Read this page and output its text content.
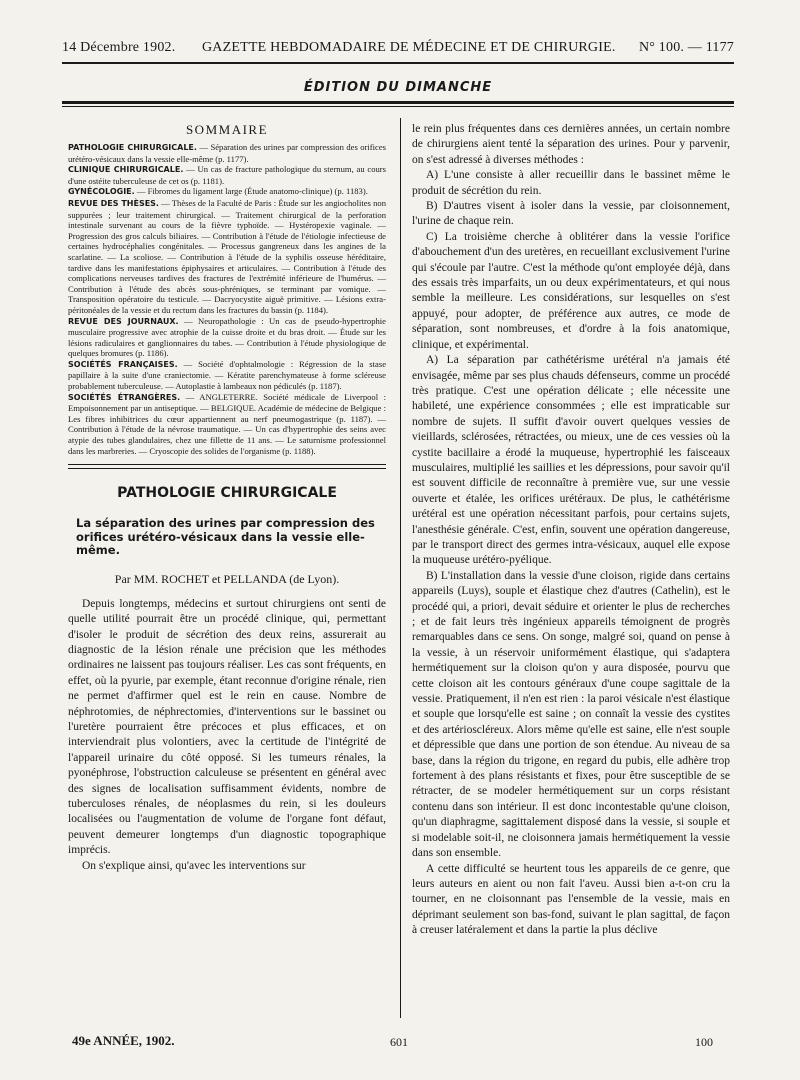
14 Décembre 1902. GAZETTE HEBDOMADAIRE DE MÉDECINE ET DE CHIRURGIE. N° 100. — 1177
ÉDITION DU DIMANCHE
SOMMAIRE

PATHOLOGIE CHIRURGICALE. — Séparation des urines par compression des orifices urétéro-vésicaux dans la vessie elle-même (p. 1177).

CLINIQUE CHIRURGICALE. — Un cas de fracture pathologique du sternum, au cours d'une ostéite tuberculeuse de cet os (p. 1181).

GYNÉCOLOGIE. — Fibromes du ligament large (Étude anatomo-clinique) (p. 1183).

REVUE DES THÈSES. — Thèses de la Faculté de Paris : Étude sur les angiocholites non suppurées ; leur traitement chirurgical. — Traitement chirurgical de la perforation intestinale survenant au cours de la fièvre typhoïde. — Hystéropexie vaginale. — Progression des gros calculs biliaires. — Contribution à l'étude de l'étiologie infectieuse de certaines hydrocéphalies congénitales. — Processus gangreneux dans les angines de la scarlatine. — La scoliose. — Contribution à l'étude de la syphilis osseuse héréditaire, tardive dans les manifestations épiphysaires et articulaires. — Contribution à l'étude des complications nerveuses tardives des fractures de l'extrémité inférieure de l'humérus. — Contribution à l'étude des abcès sous-phréniques, se terminant par vomique. — Transposition opératoire du testicule. — Dacryocystite aiguë primitive. — Lésions extra-péritonéales de la vessie et du rectum dans les fractures du bassin (p. 1184).

REVUE DES JOURNAUX. — Neuropathologie : Un cas de pseudo-hypertrophie musculaire progressive avec atrophie de la cuisse droite et du bras droit. — Étude sur les lésions radiculaires et ganglionnaires du tabes. — Contribution à l'étude physiologique de quelques bromures (p. 1186).

SOCIÉTÉS FRANÇAISES. — Société d'ophtalmologie : Régression de la stase papillaire à la suite d'une craniectomie. — Kératite parenchymateuse à forme scléreuse probablement tuberculeuse. — Autoplastie à lambeaux non pédiculés (p. 1187).

SOCIÉTÉS ÉTRANGÈRES. — ANGLETERRE. Société médicale de Liverpool : Empoisonnement par un antiseptique. — BELGIQUE. Académie de médecine de Belgique : Les fibres inhibitrices du cœur appartiennent au nerf pneumogastrique (p. 1187). — Contribution à l'étude de la névrose traumatique. — Un cas d'hypertrophie des seins avec atypie des tubes glandulaires, chez une fillette de 11 ans. — Le saturnisme professionnel dans les marbreries. — Cryoscopie des solides de l'organisme (p. 1188).

PATHOLOGIE CHIRURGICALE
La séparation des urines par compression des orifices urétéro-vésicaux dans la vessie elle-même.
Par MM. ROCHET et PELLANDA (de Lyon).

Depuis longtemps, médecins et surtout chirurgiens ont senti de quelle utilité pourrait être un procédé clinique, qui, permettant d'isoler le produit de sécrétion des deux reins, assurerait au diagnostic de la lésion rénale une précision que les méthodes ordinaires ne laissent pas toujours réaliser. Les cas sont fréquents, en effet, où la pyurie, par exemple, étant reconnue d'origine rénale, rien ne permet d'affirmer quel est le rein en cause. Nombre de néphrotomies, de néphrectomies, d'interventions sur le bassinet ou l'uretère pourraient être précoces et plus efficaces, et on interviendrait plus volontiers, avec la certitude de l'intégrité de l'appareil urinaire du côté opposé. Si les tumeurs rénales, la pyonéphrose, l'obstruction calculeuse se présentent en général avec des signes de localisation suffisamment évidents, nombre de tuberculoses rénales, de néoplasmes du rein, si les douleurs localisées ou l'augmentation de volume de l'organe font défaut, peuvent demeurer longtemps d'un diagnostic topographique imprécis.

On s'explique ainsi, qu'avec les interventions sur

le rein plus fréquentes dans ces dernières années, un certain nombre de chirurgiens aient tenté la séparation des urines. Pour y parvenir, on s'est adressé à diverses méthodes :

A) L'une consiste à aller recueillir dans le bassinet même le produit de sécrétion du rein.

B) D'autres visent à isoler dans la vessie, par cloisonnement, l'urine de chaque rein.

C) La troisième cherche à oblitérer dans la vessie l'orifice d'abouchement d'un des uretères, en recueillant exclusivement l'urine qui s'écoule par l'autre. C'est la méthode qu'ont employée déjà, dans des essais très imparfaits, un ou deux expérimentateurs, et qui nous semble la meilleure. Les considérations, sur lesquelles on s'est appuyé, pour adopter, de préférence aux autres, ce mode de séparation, sont nombreuses, et d'ordre à la fois anatomique, clinique, et expérimental.

A) La séparation par cathétérisme urétéral n'a jamais été envisagée, même par ses plus chauds défenseurs, comme un procédé très pratique. C'est une opération délicate ; elle nécessite une habileté, une expérience consommées ; elle est impraticable sur nombre de sujets. Il suffit d'avoir ouvert quelques vessies de vieillards, sclérosées, rétractées, ou mieux, une de ces vessies où la cystite bacillaire a érodé la muqueuse, hypertrophié les faisceaux musculaires, multiplié les saillies et les dépressions, pour savoir qu'il est souvent difficile de reconnaître à première vue, sur une vessie ouverte et étalée, les orifices urétéraux. De plus, le cathétérisme urétéral est une opération nécessitant parfois, pour certains sujets, l'anesthésie générale. C'est, enfin, souvent une opération dangereuse, par le transport direct des germes intra-vésicaux, auquel elle expose la muqueuse urétéro-pyélique.

B) L'installation dans la vessie d'une cloison, rigide dans certains appareils (Luys), souple et élastique chez d'autres (Cathelin), est le procédé qui, a priori, devait séduire et orienter le plus de recherches ; et de fait leurs très ingénieux appareils témoignent de progrès remarquables dans ce sens. On songe, malgré soi, quand on pense à la vessie, à un réservoir uniformément élastique, qui s'adaptera hermétiquement sur la cloison qu'on y aura disposée, pourvu que cette cloison ait les contours généraux d'une coupe sagittale de la vessie. Pratiquement, il n'en est rien : la paroi vésicale n'est élastique et souple que lorsqu'elle est saine ; on connaît la vessie des cystites et des artérioscléreux. Alors même qu'elle est saine, elle n'est souple et dépressible que dans une portion de son étendue. Au niveau de sa base, dans la région du trigone, en regard du pubis, elle adhère trop fortement à des plans résistants et fixes, pour être susceptible de se rétracter, de se modeler hermétiquement sur un corps résistant contenu dans son intérieur. Il est donc incontestable qu'une cloison, qu'un diaphragme, sagittalement disposé dans la vessie, si souple et si modelable soit-il, ne cloisonnera jamais hermétiquement la vessie dans son ensemble.

A cette difficulté se heurtent tous les appareils de ce genre, que leurs auteurs en aient ou non fait l'aveu. Aussi bien a-t-on cru la tourner, en ne cloisonnant pas l'ensemble de la vessie, mais en déprimant seulement son bas-fond, suivant le plan sagittal, de façon à creuser latéralement et dans la partie la plus déclive

49e ANNÉE, 1902.	601	100
